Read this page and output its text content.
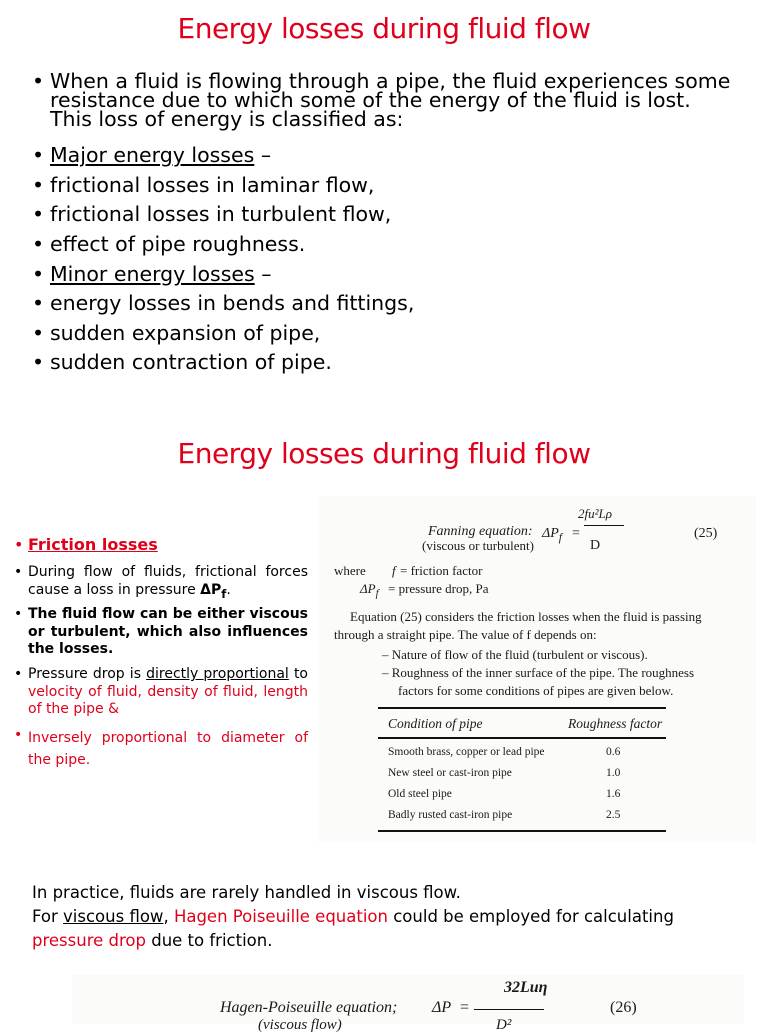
Energy losses during fluid flow
• When a fluid is flowing through a pipe, the fluid experiences some resistance due to which some of the energy of the fluid is lost. This loss of energy is classified as:
• Major energy losses –
• frictional losses in laminar flow,
• frictional losses in turbulent flow,
• effect of pipe roughness.
• Minor energy losses –
• energy losses in bends and fittings,
• sudden expansion of pipe,
• sudden contraction of pipe.
Energy losses during fluid flow
• Friction losses
• During flow of fluids, frictional forces cause a loss in pressure $\Delta P_f$.
• The fluid flow can be either viscous or turbulent, which also influences the losses.
• Pressure drop is directly proportional to velocity of fluid, density of fluid, length of the pipe &
• Inversely proportional to diameter of the pipe.
Fanning equation:
(viscous or turbulent)
$\Delta P_f$ =
2fu²Lρ
D
(25)
where f = friction factor
$\Delta P_f$ = pressure drop, Pa
Equation (25) considers the friction losses when the fluid is passing
through a straight pipe. The value of f depends on:
– Nature of flow of the fluid (turbulent or viscous).
– Roughness of the inner surface of the pipe. The roughness
factors for some conditions of pipes are given below.
Condition of pipe	Roughness factor
Smooth brass, copper or lead pipe	0.6
New steel or cast-iron pipe	1.0
Old steel pipe	1.6
Badly rusted cast-iron pipe	2.5
In practice, fluids are rarely handled in viscous flow.
For viscous flow, Hagen Poiseuille equation could be employed for calculating
pressure drop due to friction.
Hagen-Poiseuille equation; ΔP =
32Luη
(viscous flow)	D²
(26)
